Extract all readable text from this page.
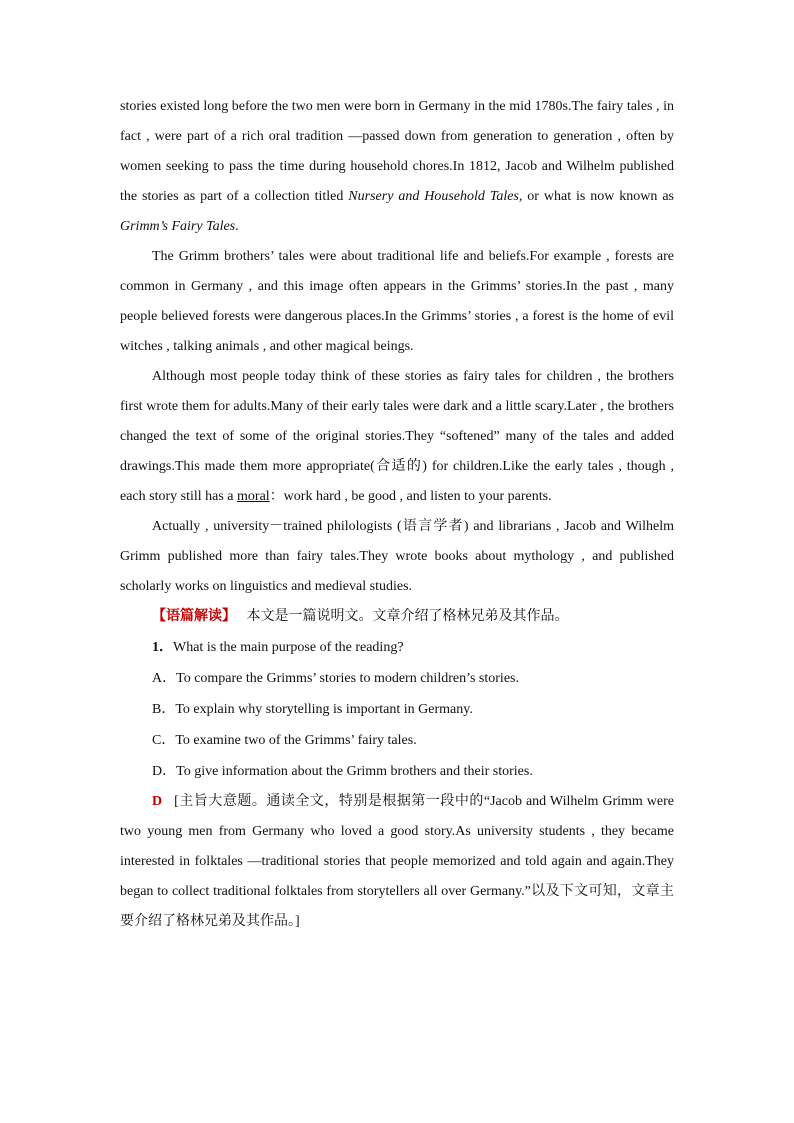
stories existed long before the two men were born in Germany in the mid 1780s.The fairy tales , in fact , were part of a rich oral tradition —passed down from generation to generation , often by women seeking to pass the time during household chores.In 1812, Jacob and Wilhelm published the stories as part of a collection titled Nursery and Household Tales, or what is now known as Grimm’s Fairy Tales.

The Grimm brothers’ tales were about traditional life and beliefs.For example , forests are common in Germany , and this image often appears in the Grimms’ stories.In the past , many people believed forests were dangerous places.In the Grimms’ stories , a forest is the home of evil witches , talking animals , and other magical beings.

Although most people today think of these stories as fairy tales for children , the brothers first wrote them for adults.Many of their early tales were dark and a little scary.Later , the brothers changed the text of some of the original stories.They “softened” many of the tales and added drawings.This made them more appropriate(合适的) for children.Like the early tales , though , each story still has a moral：work hard , be good , and listen to your parents.

Actually , university－trained philologists (语言学者) and librarians , Jacob and Wilhelm Grimm published more than fairy tales.They wrote books about mythology , and published scholarly works on linguistics and medieval studies.

【语篇解读】 本文是一篇说明文。文章介绍了格林兄弟及其作品。

1．What is the main purpose of the reading?

A．To compare the Grimms’ stories to modern children’s stories.

B．To explain why storytelling is important in Germany.

C．To examine two of the Grimms’ fairy tales.

D．To give information about the Grimm brothers and their stories.

D [主旨大意题。通读全文，特别是根据第一段中的“Jacob and Wilhelm Grimm were two young men from Germany who loved a good story.As university students , they became interested in folktales —traditional stories that people memorized and told again and again.They began to collect traditional folktales from storytellers all over Germany.”以及下文可知，文章主要介绍了格林兄弟及其作品。]
